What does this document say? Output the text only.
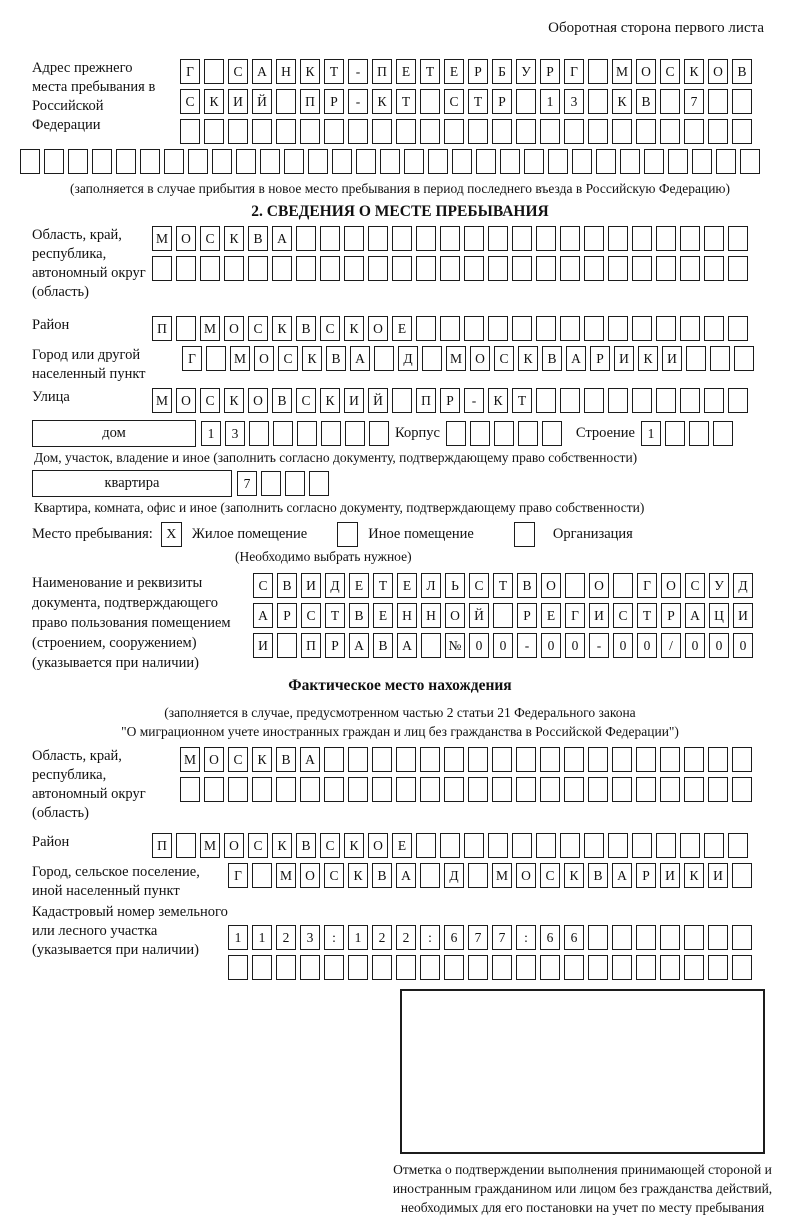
Оборотная сторона первого листа
Адрес прежнего места пребывания в Российской Федерации
Г	С	А	Н	К	Т	-	П	Е	Т	Е	Р	Б	У	Р	Г	М О	С	К	О	В
С	К	И	Й	П	Р	-	К	Т	С	Т	Р	1	3	К	В	7
(заполняется в случае прибытия в новое место пребывания в период последнего въезда в Российскую Федерацию)
2. СВЕДЕНИЯ О МЕСТЕ ПРЕБЫВАНИЯ
Область, край, республика, автономный округ (область)
М О	С	К	В	А
Район	П	М О	С	К	В	С	К	О	Е
Город или другой населенный пункт
Г	М О	С	К	В	А	Д	М О	С	К	В	А	Р	И	К	И
Улица	М О	С	К	О	В	С	К	И	Й	П	Р	-	К	Т
дом	1	3	Корпус	Строение 1
Дом, участок, владение и иное (заполнить согласно документу, подтверждающему право собственности)
квартира	7
Квартира, комната, офис и иное (заполнить согласно документу, подтверждающему право собственности)
Место пребывания: X	Жилое помещение	Иное помещение	Организация
(Необходимо выбрать нужное)
Наименование и реквизиты документа, подтверждающего право пользования помещением (строением, сооружением) (указывается при наличии)
С	В	И	Д	Е	Т	Е	Л	Ь	С	Т	В	О	О	Г	О	С	У	Д
А	Р	С	Т	В	Е	Н	Н	О	Й	Р	Е	Г	И	С	Т	Р	А	Ц	И
И	П	Р	А	В	А	№	0	0	-	0	0	-	0	0	/	0	0	0
Фактическое место нахождения
(заполняется в случае, предусмотренном частью 2 статьи 21 Федерального закона
"О миграционном учете иностранных граждан и лиц без гражданства в Российской Федерации")
Область, край, республика, автономный округ (область)
М О	С	К	В	А
Район	П	М О	С	К	В	С	К	О	Е
Город, сельское поселение, иной населенный пункт
Г	М О	С	К	В	А	Д	М О	С	К	В	А	Р	И	К	И
Кадастровый номер земельного или лесного участка (указывается при наличии)
1	1	2	3	:	1	2	2	:	6	7	7	:	6	6
Отметка о подтверждении выполнения принимающей стороной и иностранным гражданином или лицом без гражданства действий, необходимых для его постановки на учет по месту пребывания
